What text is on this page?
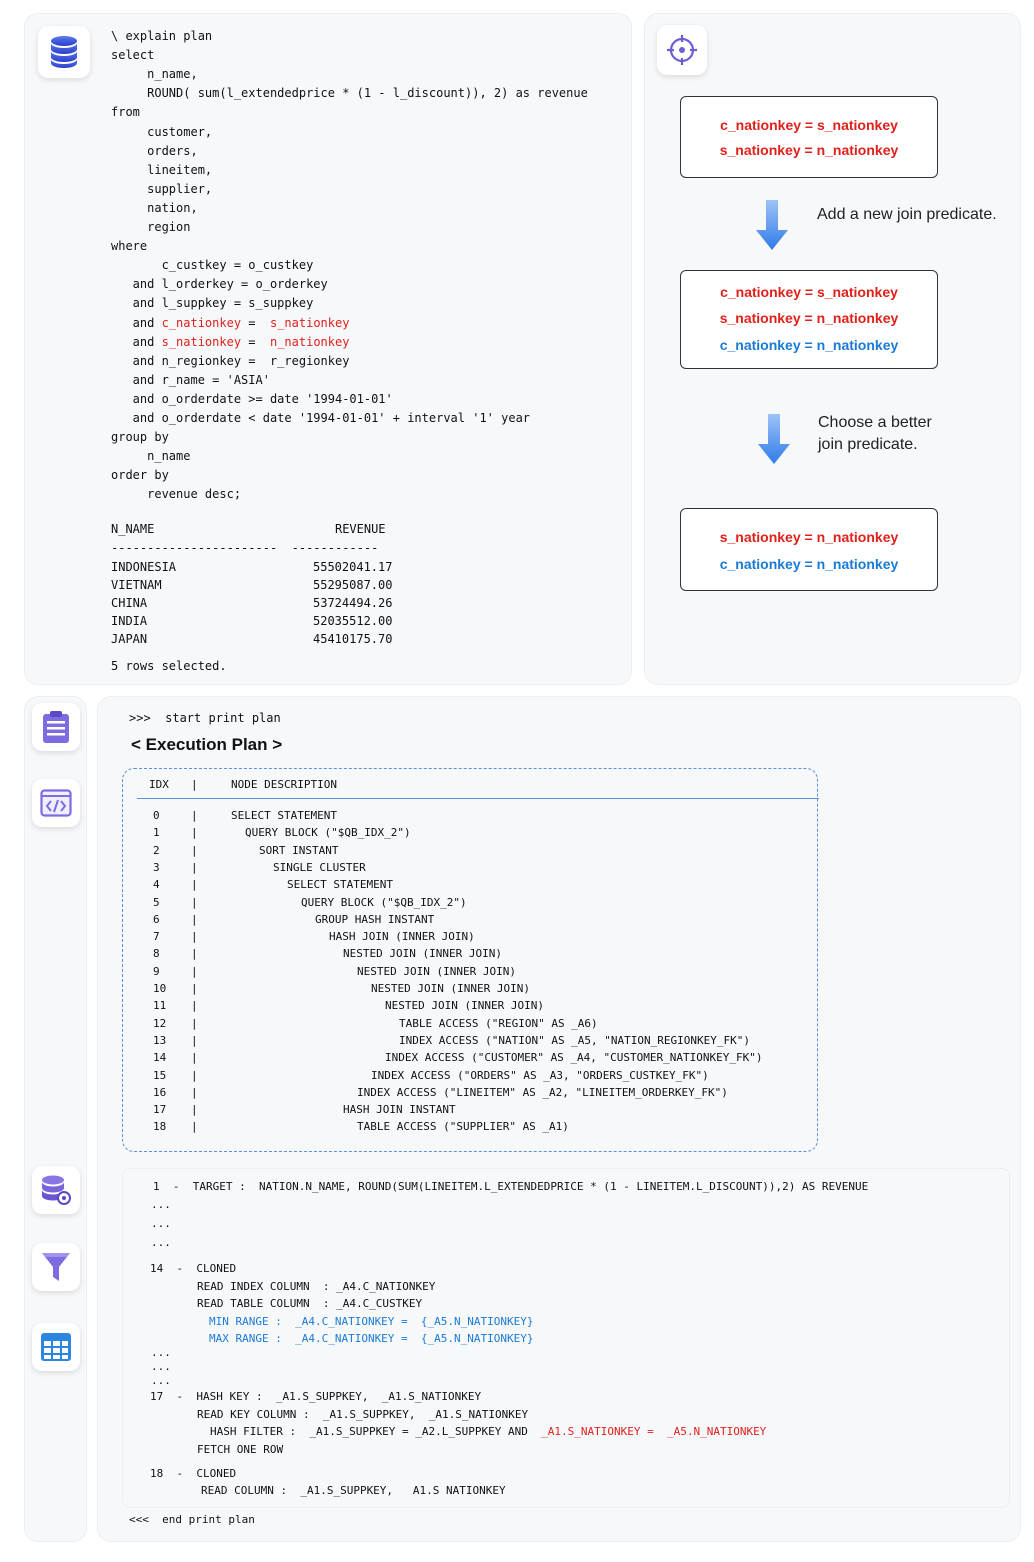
\ explain plan
select
n_name,
ROUND( sum(l_extendedprice * (1 - l_discount)), 2) as revenue
from
customer,
orders,
lineitem,
supplier,
nation,
region
where
c_custkey = o_custkey
and l_orderkey = o_orderkey
and l_suppkey = s_suppkey
and c_nationkey =  s_nationkey
and s_nationkey =  n_nationkey
and n_regionkey =  r_regionkey
and r_name = 'ASIA'
and o_orderdate >= date '1994-01-01'
and o_orderdate < date '1994-01-01' + interval '1' year
group by
n_name
order by
revenue desc;

N_NAME                         REVENUE

-----------------------  ------------

INDONESIA	55502041.17
VIETNAM	55295087.00
CHINA	53724494.26
INDIA	52035512.00
JAPAN	45410175.70

5 rows selected.

c_nationkey = s_nationkey
s_nationkey = n_nationkey
Add a new join predicate.
c_nationkey = s_nationkey
s_nationkey = n_nationkey
c_nationkey = n_nationkey
Choose a better
join predicate.
s_nationkey = n_nationkey
c_nationkey = n_nationkey
>>>  start print plan
< Execution Plan >
IDX |	NODE DESCRIPTION
0	|	SELECT STATEMENT
1	|	QUERY BLOCK ("$QB_IDX_2")
2	|	SORT INSTANT
3	|	SINGLE CLUSTER
4	|	SELECT STATEMENT
5	|	QUERY BLOCK ("$QB_IDX_2")
6	|	GROUP HASH INSTANT
7	|	HASH JOIN (INNER JOIN)
8	|	NESTED JOIN (INNER JOIN)
9	|	NESTED JOIN (INNER JOIN)
10 |	NESTED JOIN (INNER JOIN)
11 |	NESTED JOIN (INNER JOIN)
12 |	TABLE ACCESS ("REGION" AS _A6)
13 |	INDEX ACCESS ("NATION" AS _A5, "NATION_REGIONKEY_FK")
14 |	INDEX ACCESS ("CUSTOMER" AS _A4, "CUSTOMER_NATIONKEY_FK")
15 |	INDEX ACCESS ("ORDERS" AS _A3, "ORDERS_CUSTKEY_FK")
16 |	INDEX ACCESS ("LINEITEM" AS _A2, "LINEITEM_ORDERKEY_FK")
17 |	HASH JOIN INSTANT
18 |	TABLE ACCESS ("SUPPLIER" AS _A1)
1  -  TARGET :  NATION.N_NAME, ROUND(SUM(LINEITEM.L_EXTENDEDPRICE * (1 - LINEITEM.L_DISCOUNT)),2) AS REVENUE
...
...
...
14  -  CLONED
READ INDEX COLUMN  : _A4.C_NATIONKEY
READ TABLE COLUMN  : _A4.C_CUSTKEY
MIN RANGE :  _A4.C_NATIONKEY =  {_A5.N_NATIONKEY}
MAX RANGE :  _A4.C_NATIONKEY =  {_A5.N_NATIONKEY}
...
...
...
17  -  HASH KEY :  _A1.S_SUPPKEY,  _A1.S_NATIONKEY
READ KEY COLUMN :  _A1.S_SUPPKEY,  _A1.S_NATIONKEY
HASH FILTER :  _A1.S_SUPPKEY = _A2.L_SUPPKEY AND  _A1.S_NATIONKEY =  _A5.N_NATIONKEY
FETCH ONE ROW
18  -  CLONED
READ COLUMN :  _A1.S_SUPPKEY,   A1.S NATIONKEY
<<<  end print plan
